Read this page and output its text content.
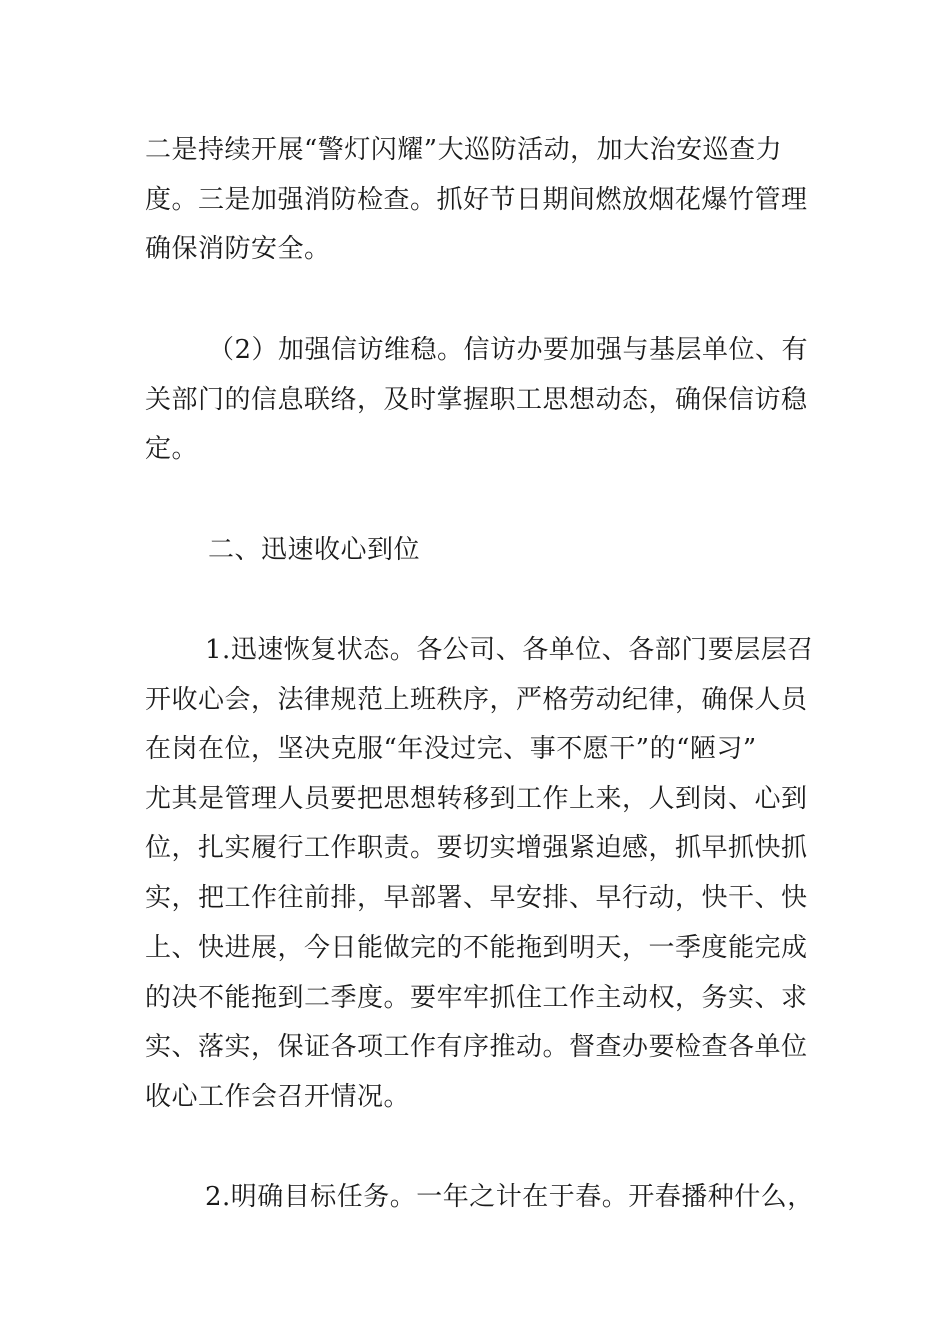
二是持续开展“警灯闪耀”大巡防活动，加大治安巡查力

度。三是加强消防检查。抓好节日期间燃放烟花爆竹管理

确保消防安全。

（2）加强信访维稳。信访办要加强与基层单位、有

关部门的信息联络，及时掌握职工思想动态，确保信访稳

定。

二、迅速收心到位

1.迅速恢复状态。各公司、各单位、各部门要层层召

开收心会，法律规范上班秩序，严格劳动纪律，确保人员

在岗在位，坚决克服“年没过完、事不愿干”的“陋习”

尤其是管理人员要把思想转移到工作上来，人到岗、心到

位，扎实履行工作职责。要切实增强紧迫感，抓早抓快抓

实，把工作往前排，早部署、早安排、早行动，快干、快

上、快进展，今日能做完的不能拖到明天，一季度能完成

的决不能拖到二季度。要牢牢抓住工作主动权，务实、求

实、落实，保证各项工作有序推动。督查办要检查各单位

收心工作会召开情况。

2.明确目标任务。一年之计在于春。开春播种什么，
